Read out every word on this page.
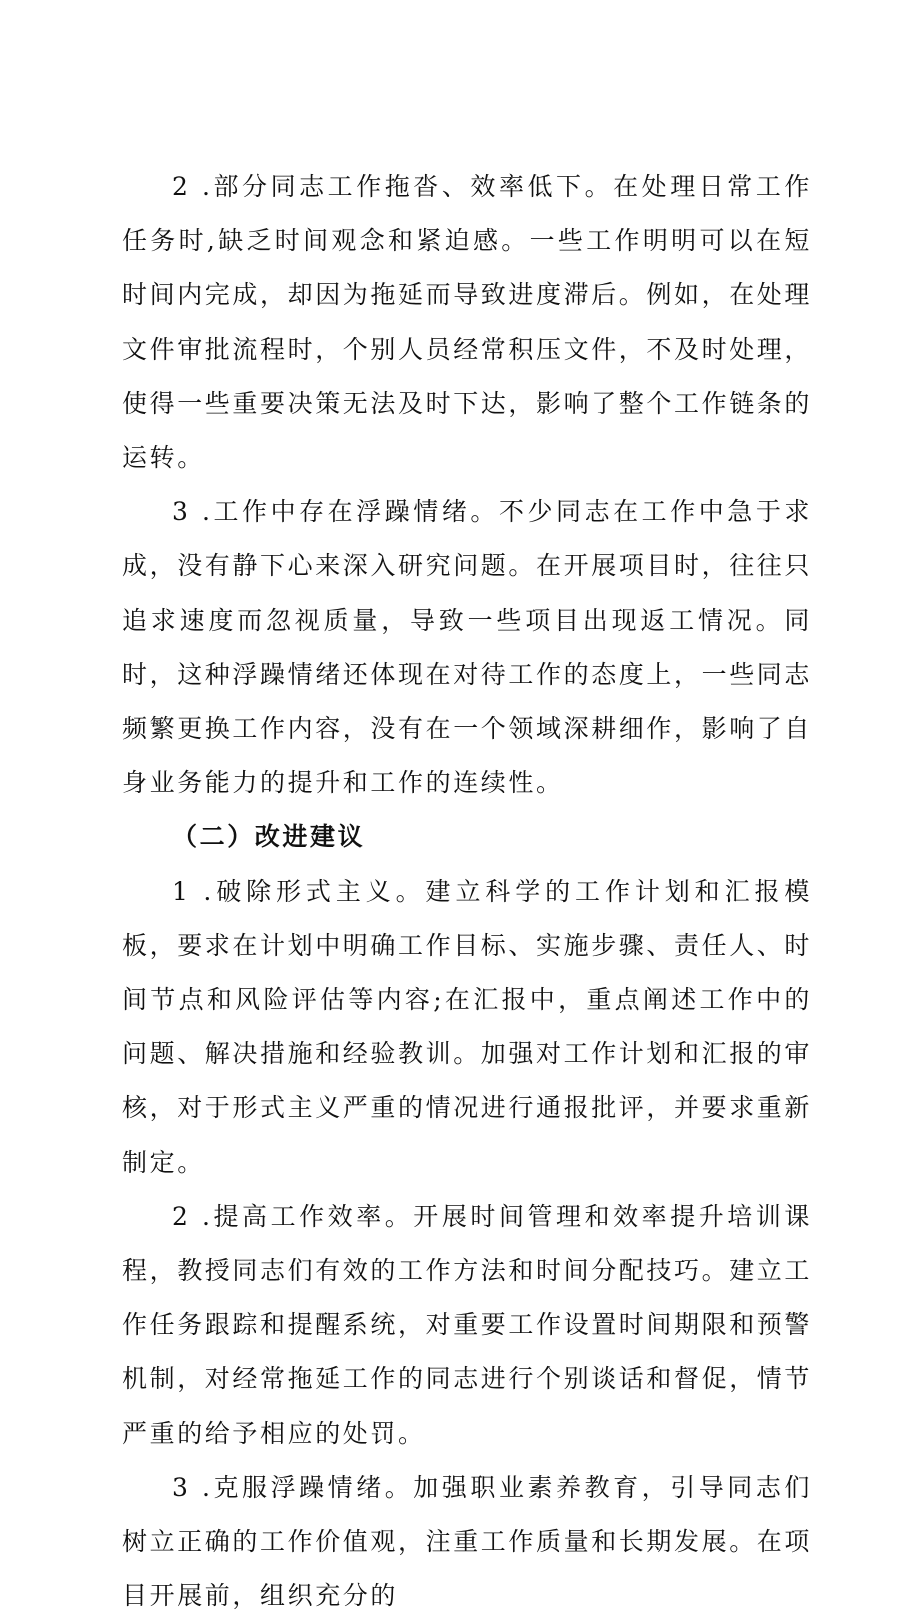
2 .部分同志工作拖沓、效率低下。在处理日常工作任务时,缺乏时间观念和紧迫感。一些工作明明可以在短时间内完成，却因为拖延而导致进度滞后。例如，在处理文件审批流程时，个别人员经常积压文件，不及时处理，使得一些重要决策无法及时下达，影响了整个工作链条的运转。

3 .工作中存在浮躁情绪。不少同志在工作中急于求成，没有静下心来深入研究问题。在开展项目时，往往只追求速度而忽视质量，导致一些项目出现返工情况。同时，这种浮躁情绪还体现在对待工作的态度上，一些同志频繁更换工作内容，没有在一个领域深耕细作，影响了自身业务能力的提升和工作的连续性。

（二）改进建议

1 .破除形式主义。建立科学的工作计划和汇报模板，要求在计划中明确工作目标、实施步骤、责任人、时间节点和风险评估等内容;在汇报中，重点阐述工作中的问题、解决措施和经验教训。加强对工作计划和汇报的审核，对于形式主义严重的情况进行通报批评，并要求重新制定。

2 .提高工作效率。开展时间管理和效率提升培训课程，教授同志们有效的工作方法和时间分配技巧。建立工作任务跟踪和提醒系统，对重要工作设置时间期限和预警机制，对经常拖延工作的同志进行个别谈话和督促，情节严重的给予相应的处罚。

3 .克服浮躁情绪。加强职业素养教育，引导同志们树立正确的工作价值观，注重工作质量和长期发展。在项目开展前，组织充分的
